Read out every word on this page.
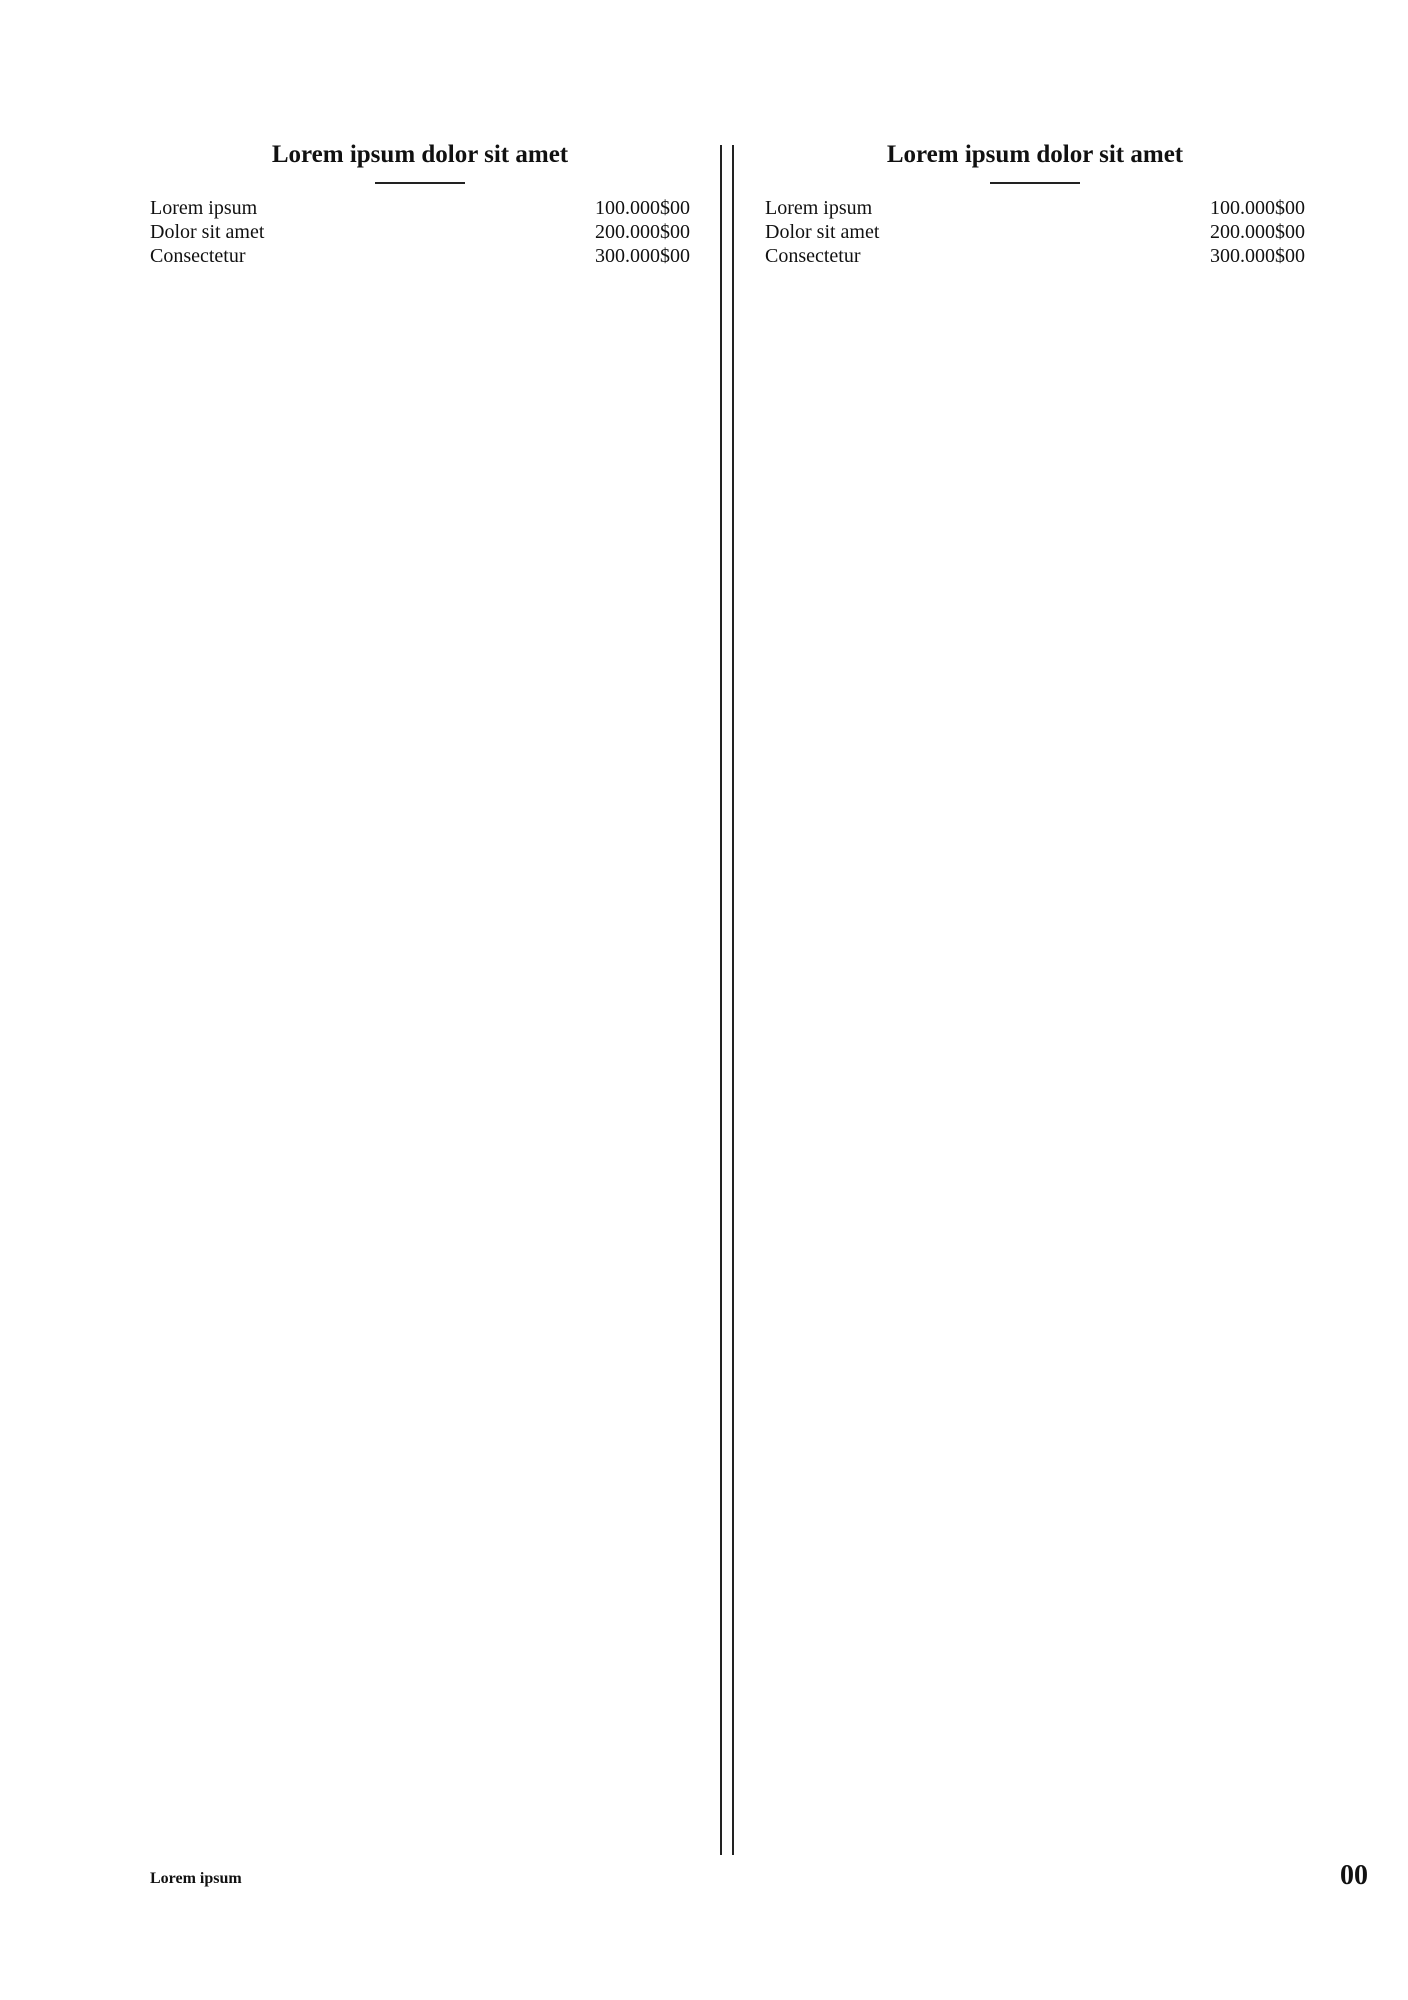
Lorem ipsum dolor sit amet
Lorem ipsum	100.000$00
Dolor sit amet	200.000$00
Consectetur	300.000$00
Lorem ipsum dolor sit amet
Lorem ipsum	100.000$00
Dolor sit amet	200.000$00
Consectetur	300.000$00
Lorem ipsum	00
